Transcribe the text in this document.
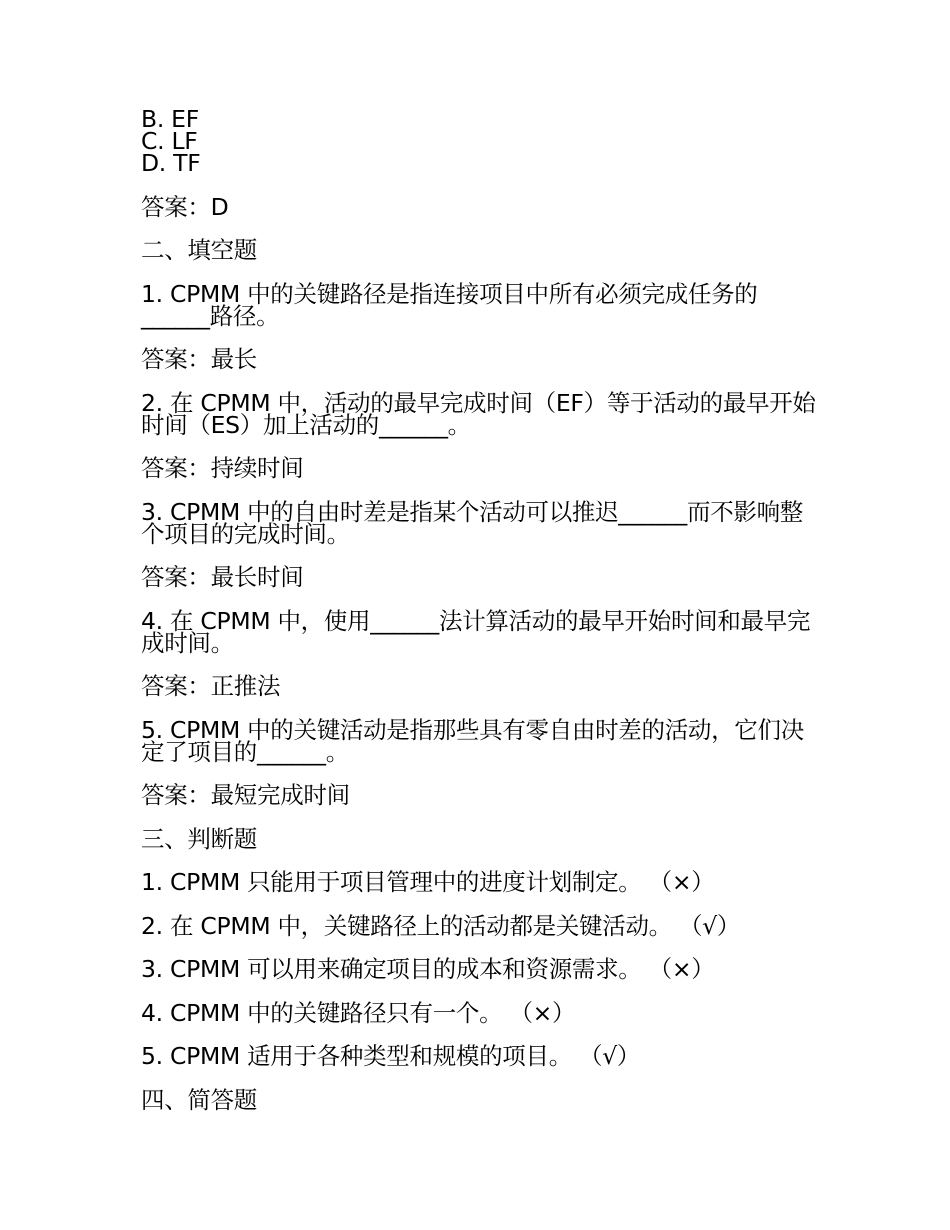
B. EF

C. LF

D. TF

答案：D

二、填空题

1. CPMM 中的关键路径是指连接项目中所有必须完成任务的______路径。

答案：最长

2. 在 CPMM 中，活动的最早完成时间（EF）等于活动的最早开始时间（ES）加上活动的______。

答案：持续时间

3. CPMM 中的自由时差是指某个活动可以推迟______而不影响整个项目的完成时间。

答案：最长时间

4. 在 CPMM 中，使用______法计算活动的最早开始时间和最早完成时间。

答案：正推法

5. CPMM 中的关键活动是指那些具有零自由时差的活动，它们决定了项目的______。

答案：最短完成时间

三、判断题

1. CPMM 只能用于项目管理中的进度计划制定。 （×）

2. 在 CPMM 中，关键路径上的活动都是关键活动。 （√）

3. CPMM 可以用来确定项目的成本和资源需求。 （×）

4. CPMM 中的关键路径只有一个。 （×）

5. CPMM 适用于各种类型和规模的项目。 （√）

四、简答题
